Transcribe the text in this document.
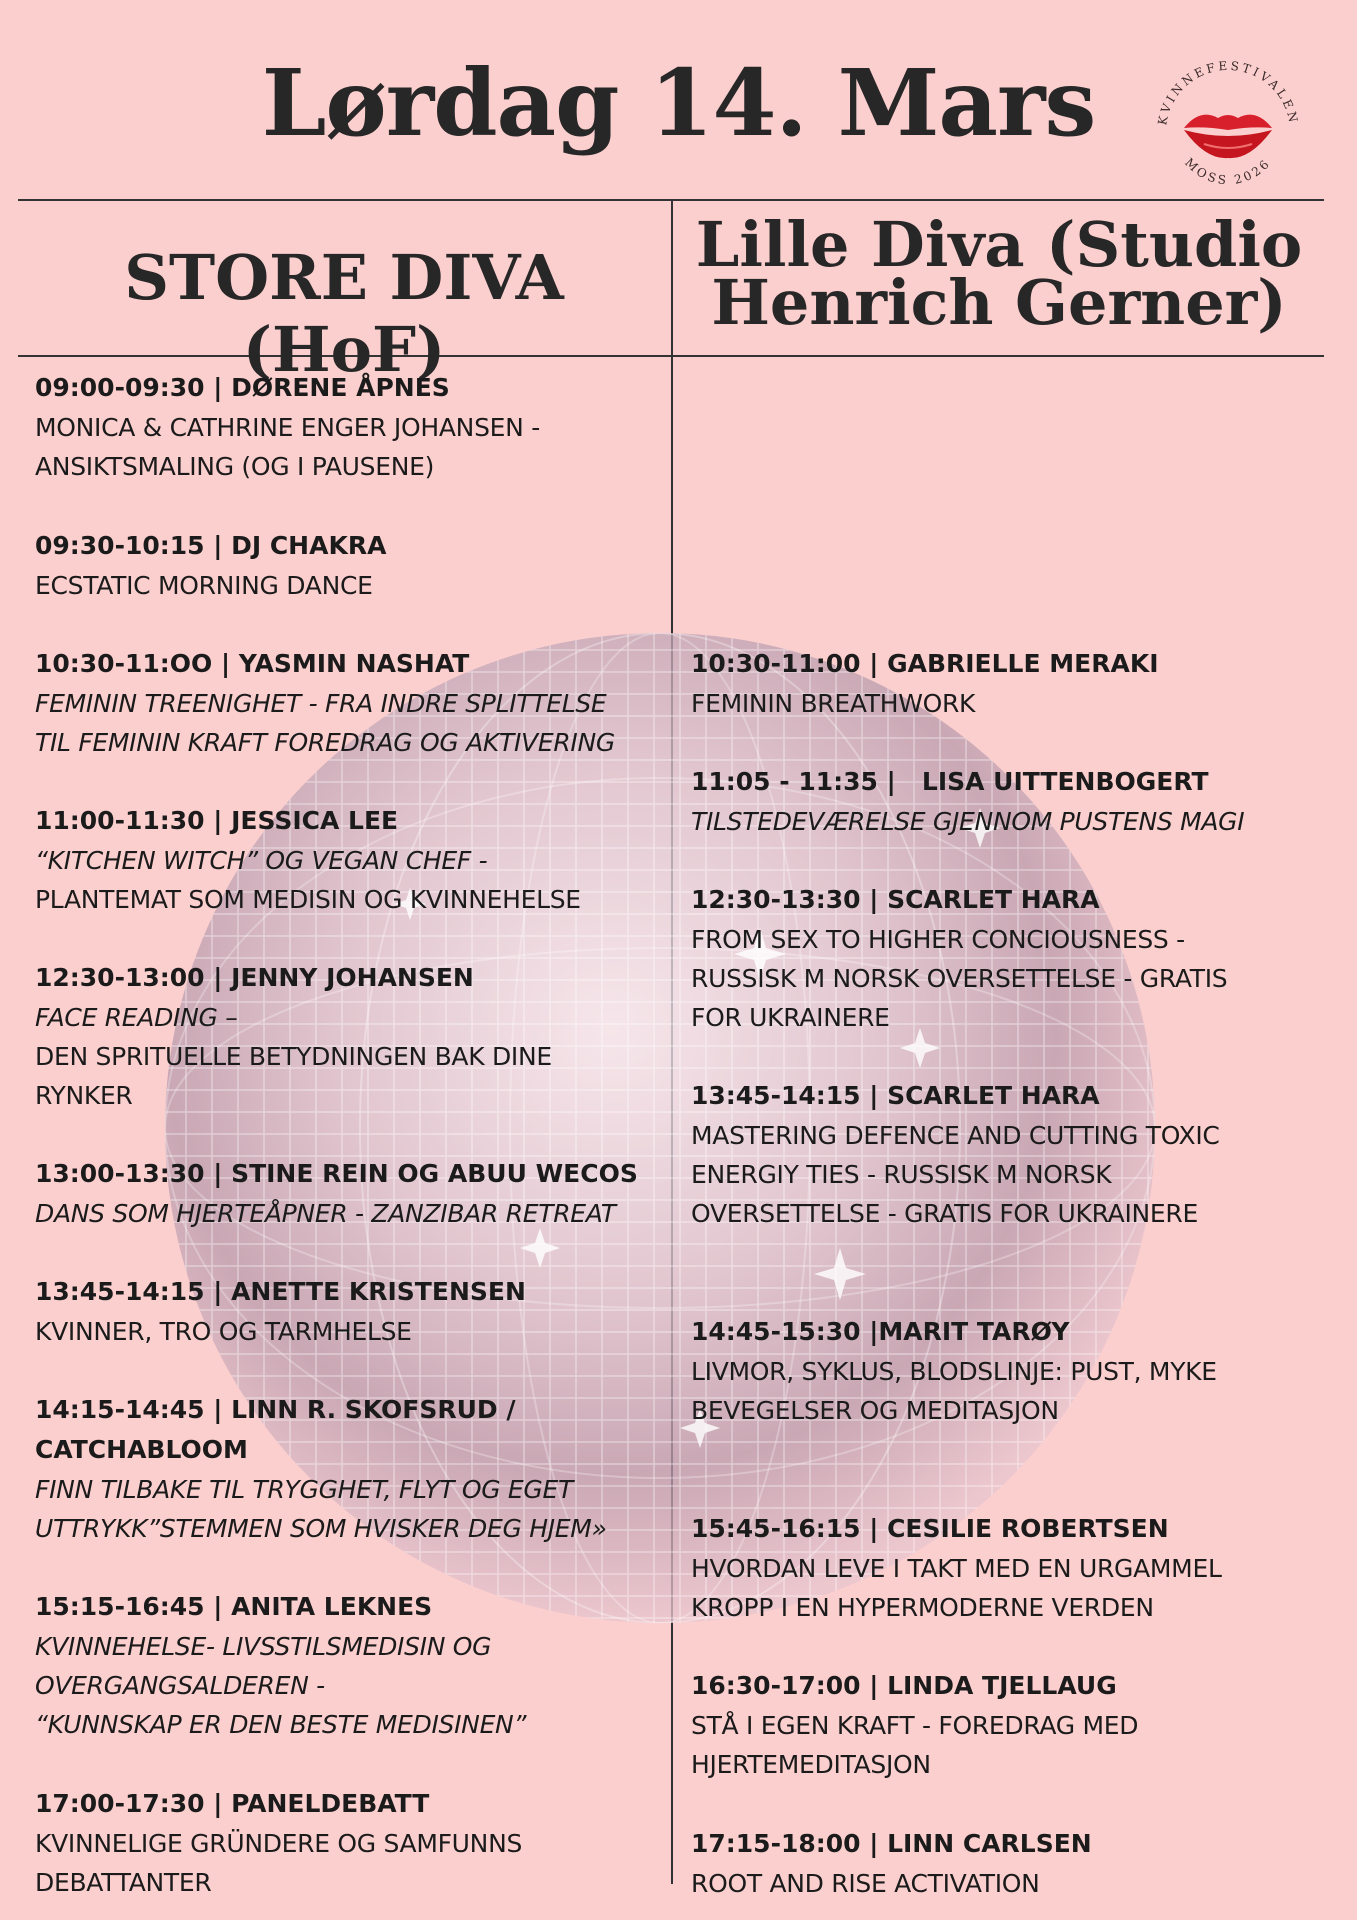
Lørdag 14. Mars	KVINNEFESTIVALEN
MOSS 2026
STORE DIVA (HoF)
Lille Diva (Studio
Henrich Gerner)
09:00-09:30 | DØRENE ÅPNES
MONICA & CATHRINE ENGER JOHANSEN -
ANSIKTSMALING (OG I PAUSENE)
09:30-10:15 | DJ CHAKRA
ECSTATIC MORNING DANCE
10:30-11:OO | YASMIN NASHAT
FEMININ TREENIGHET - FRA INDRE SPLITTELSE
TIL FEMININ KRAFT FOREDRAG OG AKTIVERING
11:00-11:30 | JESSICA LEE
“KITCHEN WITCH” OG VEGAN CHEF -
PLANTEMAT SOM MEDISIN OG KVINNEHELSE
12:30-13:00 | JENNY JOHANSEN
FACE READING –
DEN SPRITUELLE BETYDNINGEN BAK DINE
RYNKER
13:00-13:30 | STINE REIN OG ABUU WECOS
DANS SOM HJERTEÅPNER - ZANZIBAR RETREAT
13:45-14:15 | ANETTE KRISTENSEN
KVINNER, TRO OG TARMHELSE
14:15-14:45 | LINN R. SKOFSRUD /
CATCHABLOOM
FINN TILBAKE TIL TRYGGHET, FLYT OG EGET
UTTRYKK”STEMMEN SOM HVISKER DEG HJEM»
15:15-16:45 | ANITA LEKNES
KVINNEHELSE- LIVSSTILSMEDISIN OG
OVERGANGSALDEREN -
“KUNNSKAP ER DEN BESTE MEDISINEN”
17:00-17:30 | PANELDEBATT
KVINNELIGE GRÜNDERE OG SAMFUNNS
DEBATTANTER
10:30-11:00 | GABRIELLE MERAKI
FEMININ BREATHWORK
11:05 - 11:35 |   LISA UITTENBOGERT
TILSTEDEVÆRELSE GJENNOM PUSTENS MAGI
12:30-13:30 | SCARLET HARA
FROM SEX TO HIGHER CONCIOUSNESS -
RUSSISK M NORSK OVERSETTELSE - GRATIS
FOR UKRAINERE
13:45-14:15 | SCARLET HARA
MASTERING DEFENCE AND CUTTING TOXIC
ENERGIY TIES - RUSSISK M NORSK
OVERSETTELSE - GRATIS FOR UKRAINERE
14:45-15:30 |MARIT TARØY
LIVMOR, SYKLUS, BLODSLINJE: PUST, MYKE
BEVEGELSER OG MEDITASJON
15:45-16:15 | CESILIE ROBERTSEN
HVORDAN LEVE I TAKT MED EN URGAMMEL
KROPP I EN HYPERMODERNE VERDEN
16:30-17:00 | LINDA TJELLAUG
STÅ I EGEN KRAFT - FOREDRAG MED
HJERTEMEDITASJON
17:15-18:00 | LINN CARLSEN
ROOT AND RISE ACTIVATION
